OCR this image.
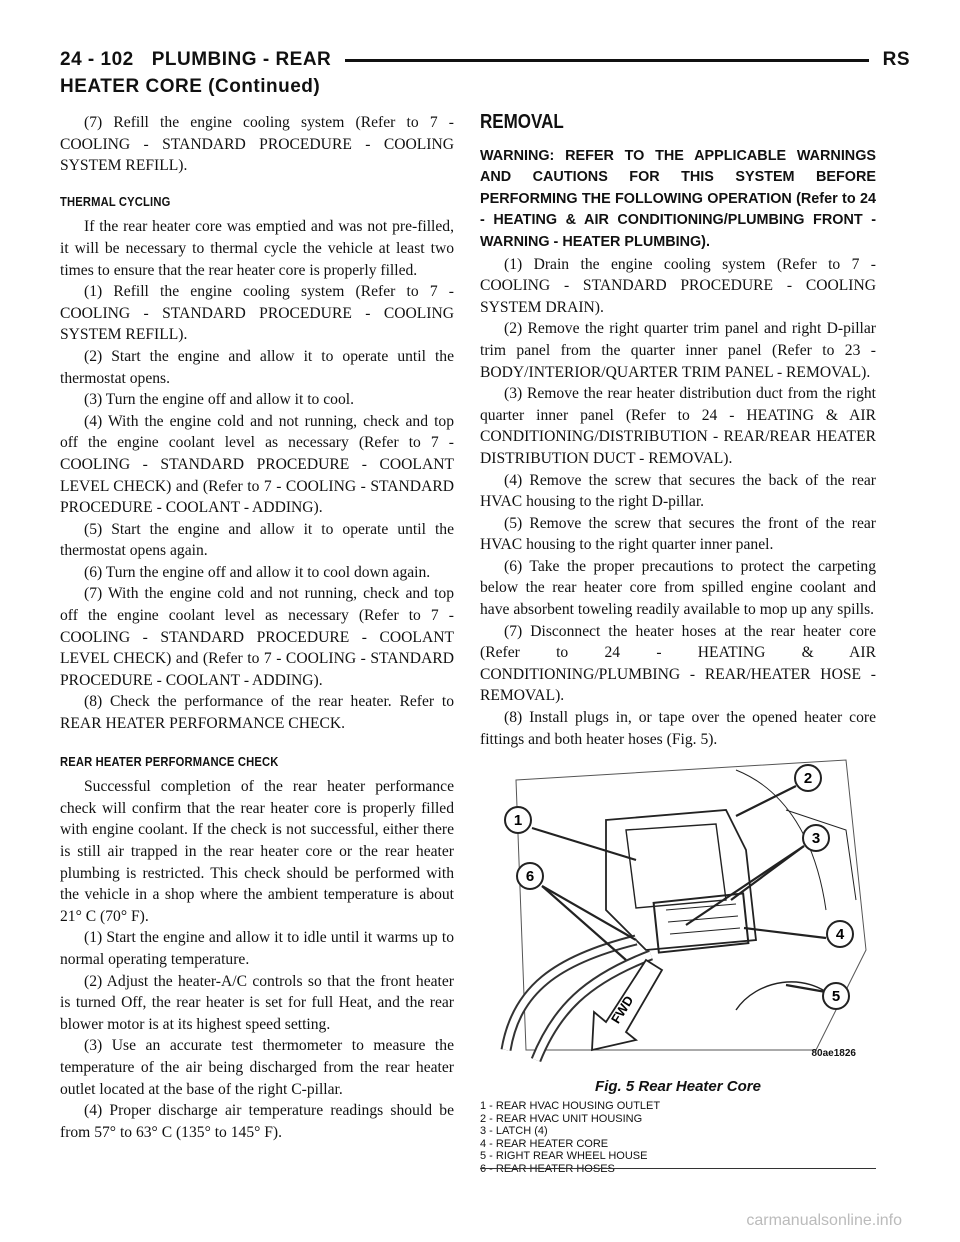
24 - 102 PLUMBING - REAR	RS
HEATER CORE (Continued)

(7) Refill the engine cooling system (Refer to 7 - COOLING - STANDARD PROCEDURE - COOLING SYSTEM REFILL).

THERMAL CYCLING

If the rear heater core was emptied and was not pre-filled, it will be necessary to thermal cycle the vehicle at least two times to ensure that the rear heater core is properly filled.

(1) Refill the engine cooling system (Refer to 7 - COOLING - STANDARD PROCEDURE - COOLING SYSTEM REFILL).

(2) Start the engine and allow it to operate until the thermostat opens.

(3) Turn the engine off and allow it to cool.

(4) With the engine cold and not running, check and top off the engine coolant level as necessary (Refer to 7 - COOLING - STANDARD PROCEDURE - COOLANT LEVEL CHECK) and (Refer to 7 - COOLING - STANDARD PROCEDURE - COOLANT - ADDING).

(5) Start the engine and allow it to operate until the thermostat opens again.

(6) Turn the engine off and allow it to cool down again.

(7) With the engine cold and not running, check and top off the engine coolant level as necessary (Refer to 7 - COOLING - STANDARD PROCEDURE - COOLANT LEVEL CHECK) and (Refer to 7 - COOLING - STANDARD PROCEDURE - COOLANT - ADDING).

(8) Check the performance of the rear heater. Refer to REAR HEATER PERFORMANCE CHECK.

REAR HEATER PERFORMANCE CHECK

Successful completion of the rear heater performance check will confirm that the rear heater core is properly filled with engine coolant. If the check is not successful, either there is still air trapped in the rear heater core or the rear heater plumbing is restricted. This check should be performed with the vehicle in a shop where the ambient temperature is about 21° C (70° F).

(1) Start the engine and allow it to idle until it warms up to normal operating temperature.

(2) Adjust the heater-A/C controls so that the front heater is turned Off, the rear heater is set for full Heat, and the rear blower motor is at its highest speed setting.

(3) Use an accurate test thermometer to measure the temperature of the air being discharged from the rear heater outlet located at the base of the right C-pillar.

(4) Proper discharge air temperature readings should be from 57° to 63° C (135° to 145° F).

REMOVAL

WARNING: REFER TO THE APPLICABLE WARNINGS AND CAUTIONS FOR THIS SYSTEM BEFORE PERFORMING THE FOLLOWING OPERATION (Refer to 24 - HEATING & AIR CONDITIONING/PLUMBING FRONT - WARNING - HEATER PLUMBING).

(1) Drain the engine cooling system (Refer to 7 - COOLING - STANDARD PROCEDURE - COOLING SYSTEM DRAIN).

(2) Remove the right quarter trim panel and right D-pillar trim panel from the quarter inner panel (Refer to 23 - BODY/INTERIOR/QUARTER TRIM PANEL - REMOVAL).

(3) Remove the rear heater distribution duct from the right quarter inner panel (Refer to 24 - HEATING & AIR CONDITIONING/DISTRIBUTION - REAR/REAR HEATER DISTRIBUTION DUCT - REMOVAL).

(4) Remove the screw that secures the back of the rear HVAC housing to the right D-pillar.

(5) Remove the screw that secures the front of the rear HVAC housing to the right quarter inner panel.

(6) Take the proper precautions to protect the carpeting below the rear heater core from spilled engine coolant and have absorbent toweling readily available to mop up any spills.

(7) Disconnect the heater hoses at the rear heater core (Refer to 24 - HEATING & AIR CONDITIONING/PLUMBING - REAR/HEATER HOSE - REMOVAL).

(8) Install plugs in, or tape over the opened heater core fittings and both heater hoses (Fig. 5).

1
2
3
4
5
6
FWD
80ae1826
Fig. 5 Rear Heater Core
1 - REAR HVAC HOUSING OUTLET
2 - REAR HVAC UNIT HOUSING
3 - LATCH (4)
4 - REAR HEATER CORE
5 - RIGHT REAR WHEEL HOUSE
carmanualsonline.info
